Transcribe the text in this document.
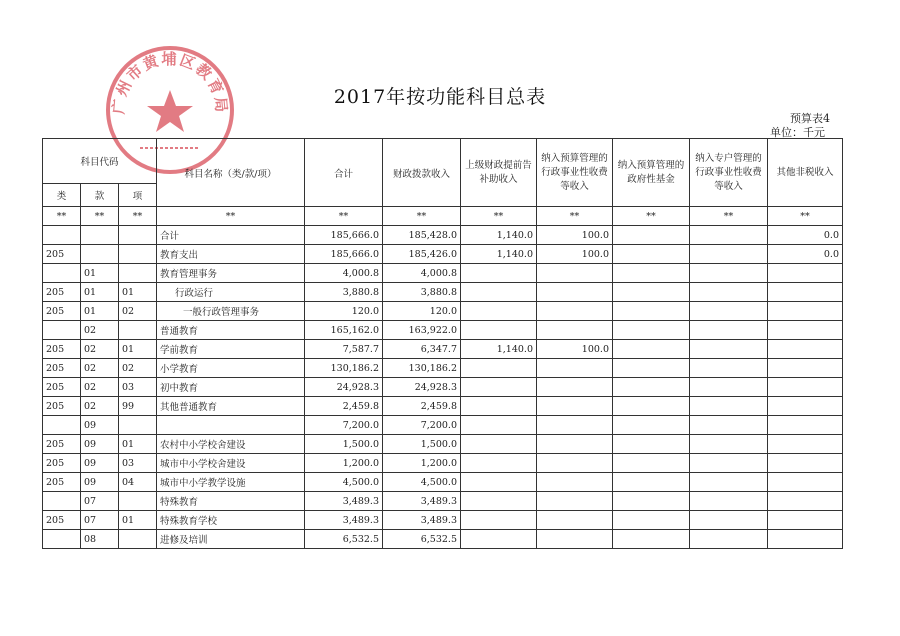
广州市黄埔区教育局	2017年按功能科目总表
预算表4
单位：千元
科目代码			科目名称（类/款/项）	合计	财政拨款收入	上级财政提前告补助收入	纳入预算管理的行政事业性收费等收入	纳入预算管理的政府性基金	纳入专户管理的行政事业性收费等收入	其他非税收入
类	款	项								
**	**	**	**	**	**	**	**	**	**	**
			合计	185,666.0	185,428.0	1,140.0	100.0			0.0
205			教育支出	185,666.0	185,426.0	1,140.0	100.0			0.0
	01		教育管理事务	4,000.8	4,000.8					
205	01	01	行政运行	3,880.8	3,880.8					
205	01	02	一般行政管理事务	120.0	120.0					
	02		普通教育	165,162.0	163,922.0					
205	02	01	学前教育	7,587.7	6,347.7	1,140.0	100.0			
205	02	02	小学教育	130,186.2	130,186.2					
205	02	03	初中教育	24,928.3	24,928.3					
205	02	99	其他普通教育	2,459.8	2,459.8					
	09			7,200.0	7,200.0					
205	09	01	农村中小学校舍建设	1,500.0	1,500.0					
205	09	03	城市中小学校舍建设	1,200.0	1,200.0					
205	09	04	城市中小学教学设施	4,500.0	4,500.0					
	07		特殊教育	3,489.3	3,489.3					
205	07	01	特殊教育学校	3,489.3	3,489.3					
	08		进修及培训	6,532.5	6,532.5					
